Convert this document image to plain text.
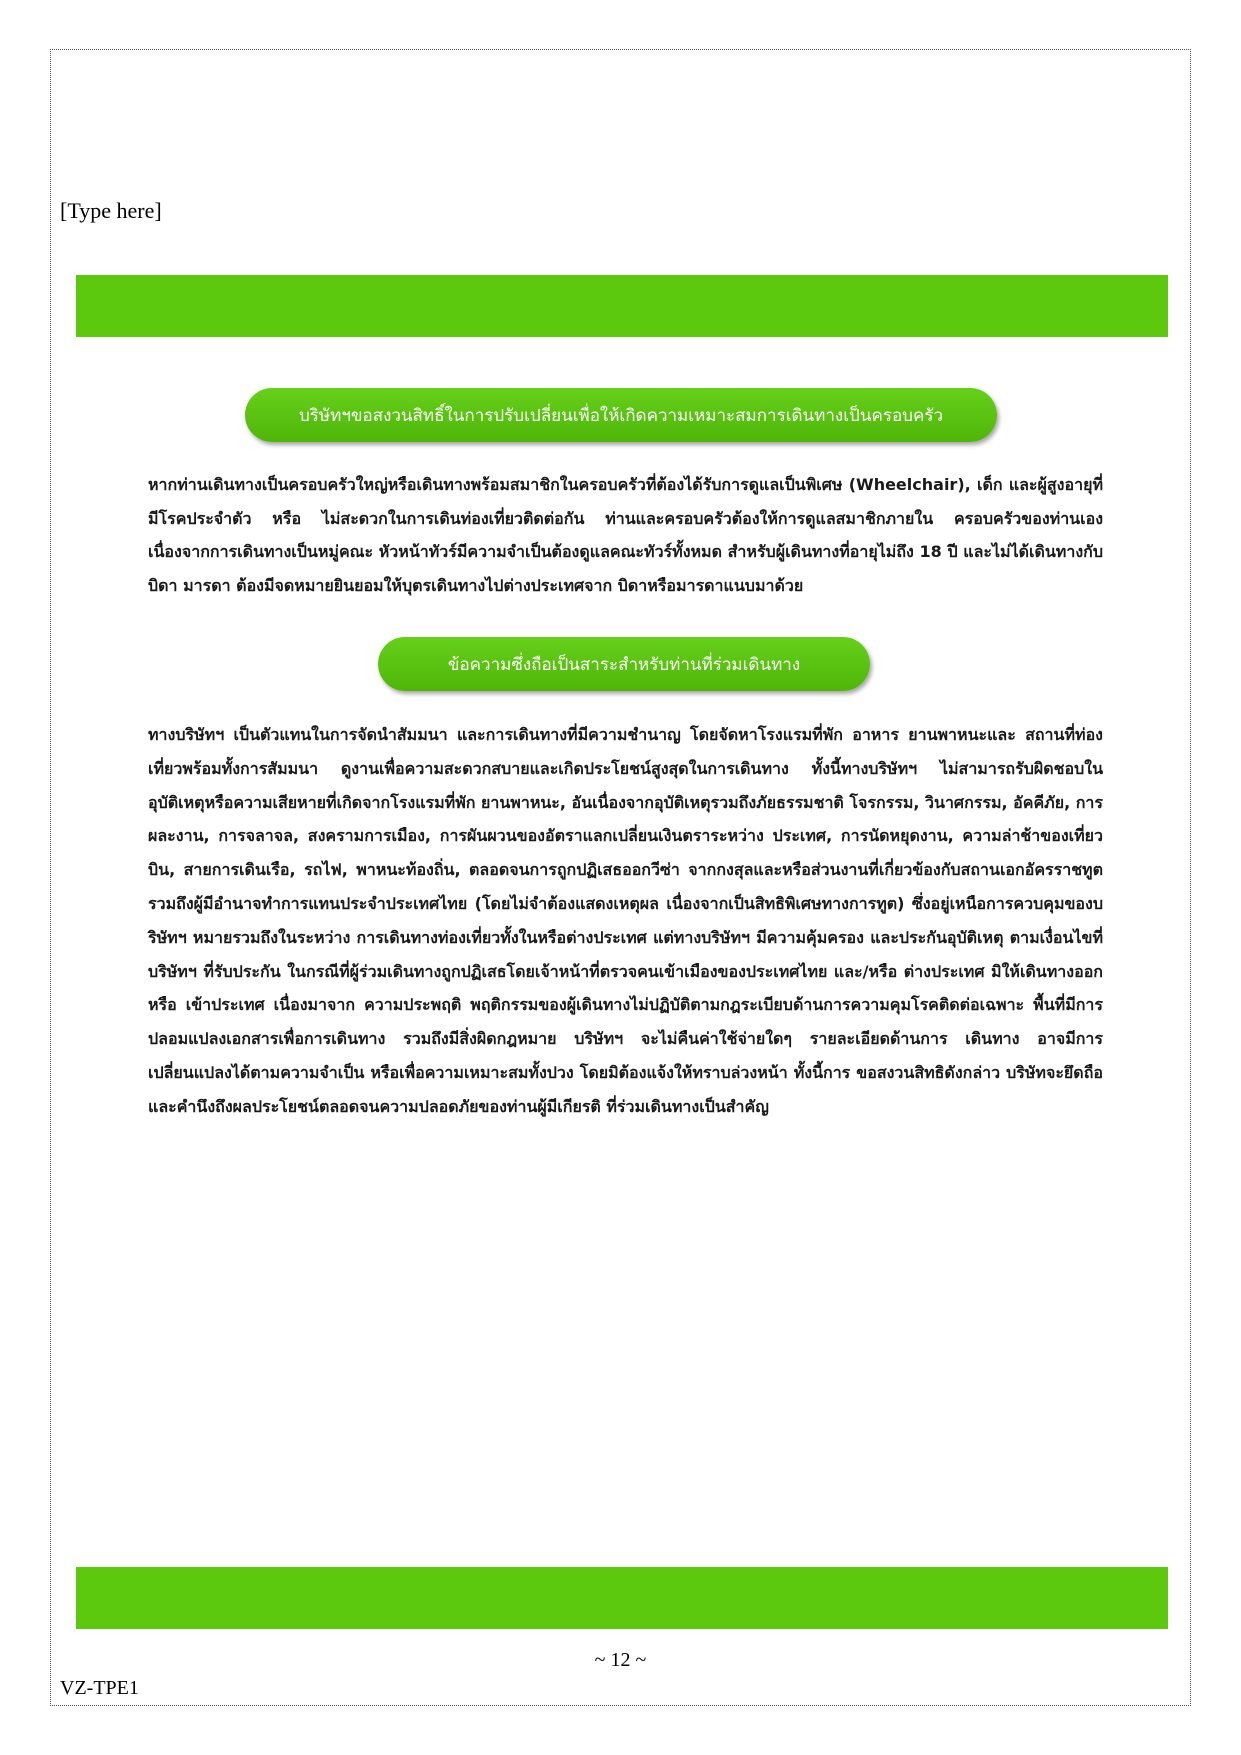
[Type here]
บริษัทฯขอสงวนสิทธิ์ในการปรับเปลี่ยนเพื่อให้เกิดความเหมาะสมการเดินทางเป็นครอบครัว

หากท่านเดินทางเป็นครอบครัวใหญ่หรือเดินทางพร้อมสมาชิกในครอบครัวที่ต้องได้รับการดูแลเป็นพิเศษ (Wheelchair), เด็ก และผู้สูงอายุที่มีโรคประจำตัว หรือ ไม่สะดวกในการเดินท่องเที่ยวติดต่อกัน ท่านและครอบครัวต้องให้การดูแลสมาชิกภายใน ครอบครัวของท่านเอง เนื่องจากการเดินทางเป็นหมู่คณะ หัวหน้าทัวร์มีความจำเป็นต้องดูแลคณะทัวร์ทั้งหมด สำหรับผู้เดินทางที่อายุไม่ถึง 18 ปี และไม่ได้เดินทางกับบิดา มารดา ต้องมีจดหมายยินยอมให้บุตรเดินทางไปต่างประเทศจาก บิดาหรือมารดาแนบมาด้วย

ข้อความซึ่งถือเป็นสาระสำหรับท่านที่ร่วมเดินทาง

ทางบริษัทฯ เป็นตัวแทนในการจัดนำสัมมนา และการเดินทางที่มีความชำนาญ โดยจัดหาโรงแรมที่พัก อาหาร ยานพาหนะและ สถานที่ท่องเที่ยวพร้อมทั้งการสัมมนา ดูงานเพื่อความสะดวกสบายและเกิดประโยชน์สูงสุดในการเดินทาง ทั้งนี้ทางบริษัทฯ ไม่สามารถรับผิดชอบในอุบัติเหตุหรือความเสียหายที่เกิดจากโรงแรมที่พัก ยานพาหนะ, อันเนื่องจากอุบัติเหตุรวมถึงภัยธรรมชาติ โจรกรรม, วินาศกรรม, อัคคีภัย, การผละงาน, การจลาจล, สงครามการเมือง, การผันผวนของอัตราแลกเปลี่ยนเงินตราระหว่าง ประเทศ, การนัดหยุดงาน, ความล่าช้าของเที่ยวบิน, สายการเดินเรือ, รถไฟ, พาหนะท้องถิ่น, ตลอดจนการถูกปฏิเสธออกวีซ่า จากกงสุลและหรือส่วนงานที่เกี่ยวข้องกับสถานเอกอัครราชทูต รวมถึงผู้มีอำนาจทำการแทนประจำประเทศไทย (โดยไม่จำต้องแสดงเหตุผล เนื่องจากเป็นสิทธิพิเศษทางการทูต) ซึ่งอยู่เหนือการควบคุมของบริษัทฯ หมายรวมถึงในระหว่าง การเดินทางท่องเที่ยวทั้งในหรือต่างประเทศ แต่ทางบริษัทฯ มีความคุ้มครอง และประกันอุบัติเหตุ ตามเงื่อนไขที่บริษัทฯ ที่รับประกัน ในกรณีที่ผู้ร่วมเดินทางถูกปฏิเสธโดยเจ้าหน้าที่ตรวจคนเข้าเมืองของประเทศไทย และ/หรือ ต่างประเทศ มิให้เดินทางออก หรือ เข้าประเทศ เนื่องมาจาก ความประพฤติ พฤติกรรมของผู้เดินทางไม่ปฏิบัติตามกฎระเบียบด้านการความคุมโรคติดต่อเฉพาะ พื้นที่มีการปลอมแปลงเอกสารเพื่อการเดินทาง รวมถึงมีสิ่งผิดกฎหมาย บริษัทฯ จะไม่คืนค่าใช้จ่ายใดๆ รายละเอียดด้านการ เดินทาง อาจมีการเปลี่ยนแปลงได้ตามความจำเป็น หรือเพื่อความเหมาะสมทั้งปวง โดยมิต้องแจ้งให้ทราบล่วงหน้า ทั้งนี้การ ขอสงวนสิทธิดังกล่าว บริษัทจะยึดถือและคำนึงถึงผลประโยชน์ตลอดจนความปลอดภัยของท่านผู้มีเกียรติ ที่ร่วมเดินทางเป็นสำคัญ

~ 12 ~
VZ-TPE1
